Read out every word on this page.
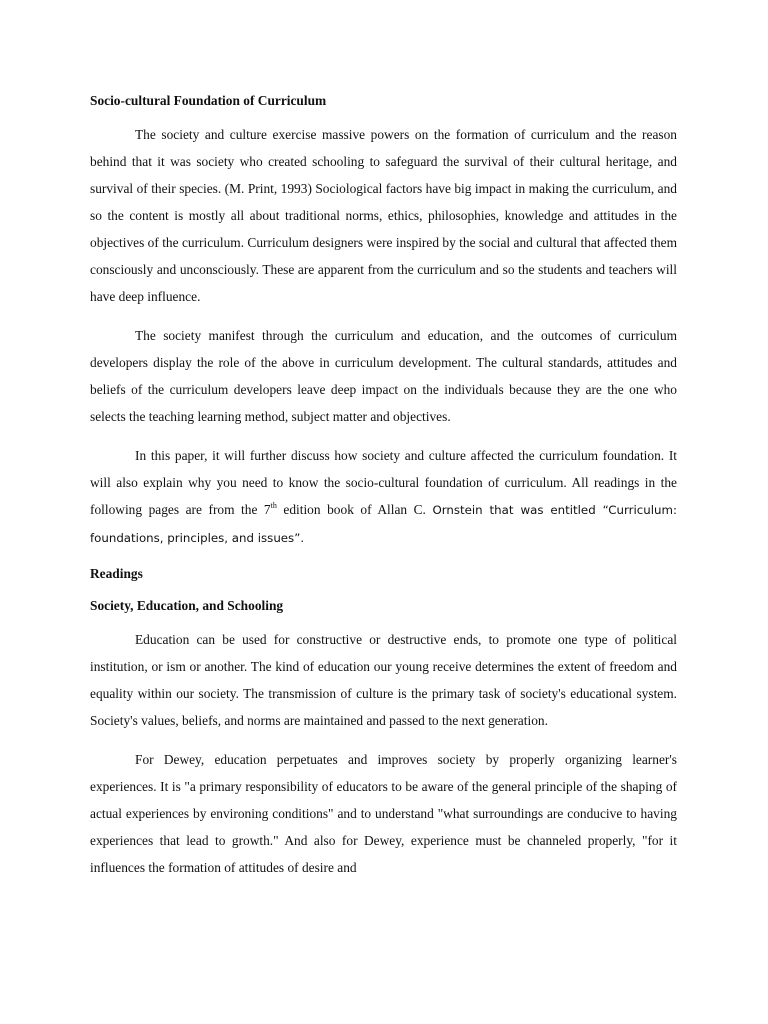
Socio-cultural Foundation of Curriculum

The society and culture exercise massive powers on the formation of curriculum and the reason behind that it was society who created schooling to safeguard the survival of their cultural heritage, and survival of their species. (M. Print, 1993) Sociological factors have big impact in making the curriculum, and so the content is mostly all about traditional norms, ethics, philosophies, knowledge and attitudes in the objectives of the curriculum. Curriculum designers were inspired by the social and cultural that affected them consciously and unconsciously. These are apparent from the curriculum and so the students and teachers will have deep influence.

The society manifest through the curriculum and education, and the outcomes of curriculum developers display the role of the above in curriculum development. The cultural standards, attitudes and beliefs of the curriculum developers leave deep impact on the individuals because they are the one who selects the teaching learning method, subject matter and objectives.

In this paper, it will further discuss how society and culture affected the curriculum foundation. It will also explain why you need to know the socio-cultural foundation of curriculum. All readings in the following pages are from the 7th edition book of Allan C. Ornstein that was entitled “Curriculum: foundations, principles, and issues”.

Readings

Society, Education, and Schooling

Education can be used for constructive or destructive ends, to promote one type of political institution, or ism or another. The kind of education our young receive determines the extent of freedom and equality within our society. The transmission of culture is the primary task of society's educational system. Society's values, beliefs, and norms are maintained and passed to the next generation.

For Dewey, education perpetuates and improves society by properly organizing learner's experiences. It is "a primary responsibility of educators to be aware of the general principle of the shaping of actual experiences by environing conditions" and to understand "what surroundings are conducive to having experiences that lead to growth." And also for Dewey, experience must be channeled properly, "for it influences the formation of attitudes of desire and
